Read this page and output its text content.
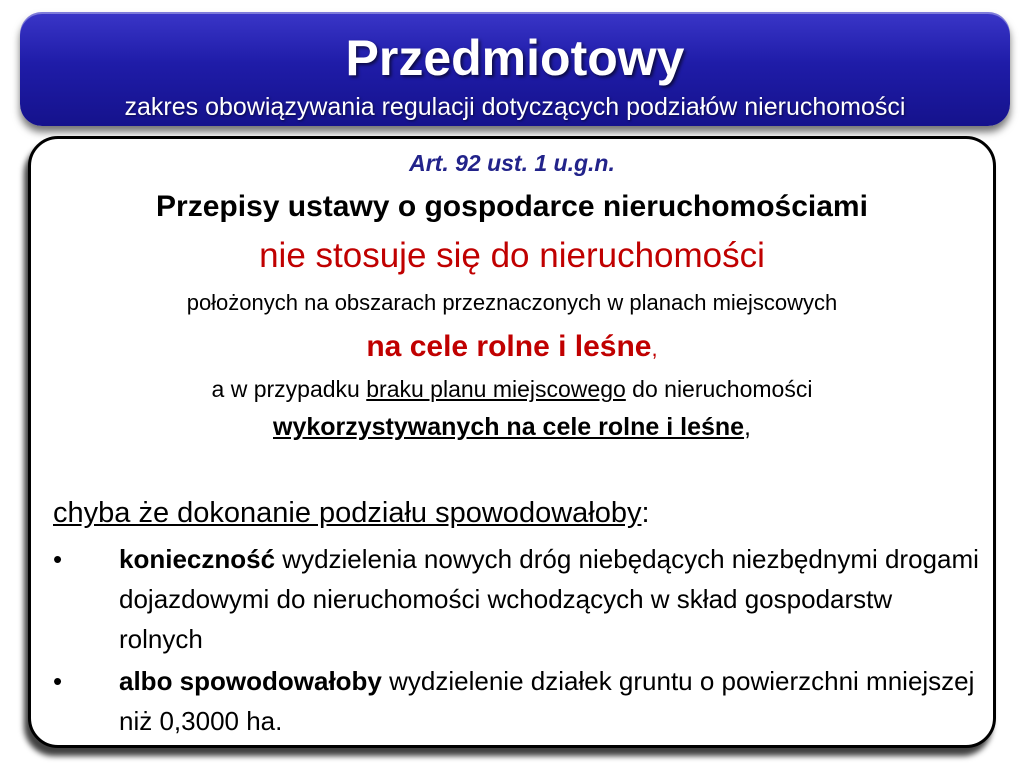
Przedmiotowy
zakres obowiązywania regulacji dotyczących podziałów nieruchomości
Art. 92 ust. 1 u.g.n.
Przepisy ustawy o gospodarce nieruchomościami
nie stosuje się do nieruchomości
położonych na obszarach przeznaczonych w planach miejscowych
na cele rolne i leśne,
a w przypadku braku planu miejscowego do nieruchomości
wykorzystywanych na cele rolne i leśne,
chyba że dokonanie podziału spowodowałoby:
•	konieczność wydzielenia nowych dróg niebędących niezbędnymi drogami dojazdowymi do nieruchomości wchodzących w skład gospodarstw rolnych
•	albo spowodowałoby wydzielenie działek gruntu o powierzchni mniejszej niż 0,3000 ha.
